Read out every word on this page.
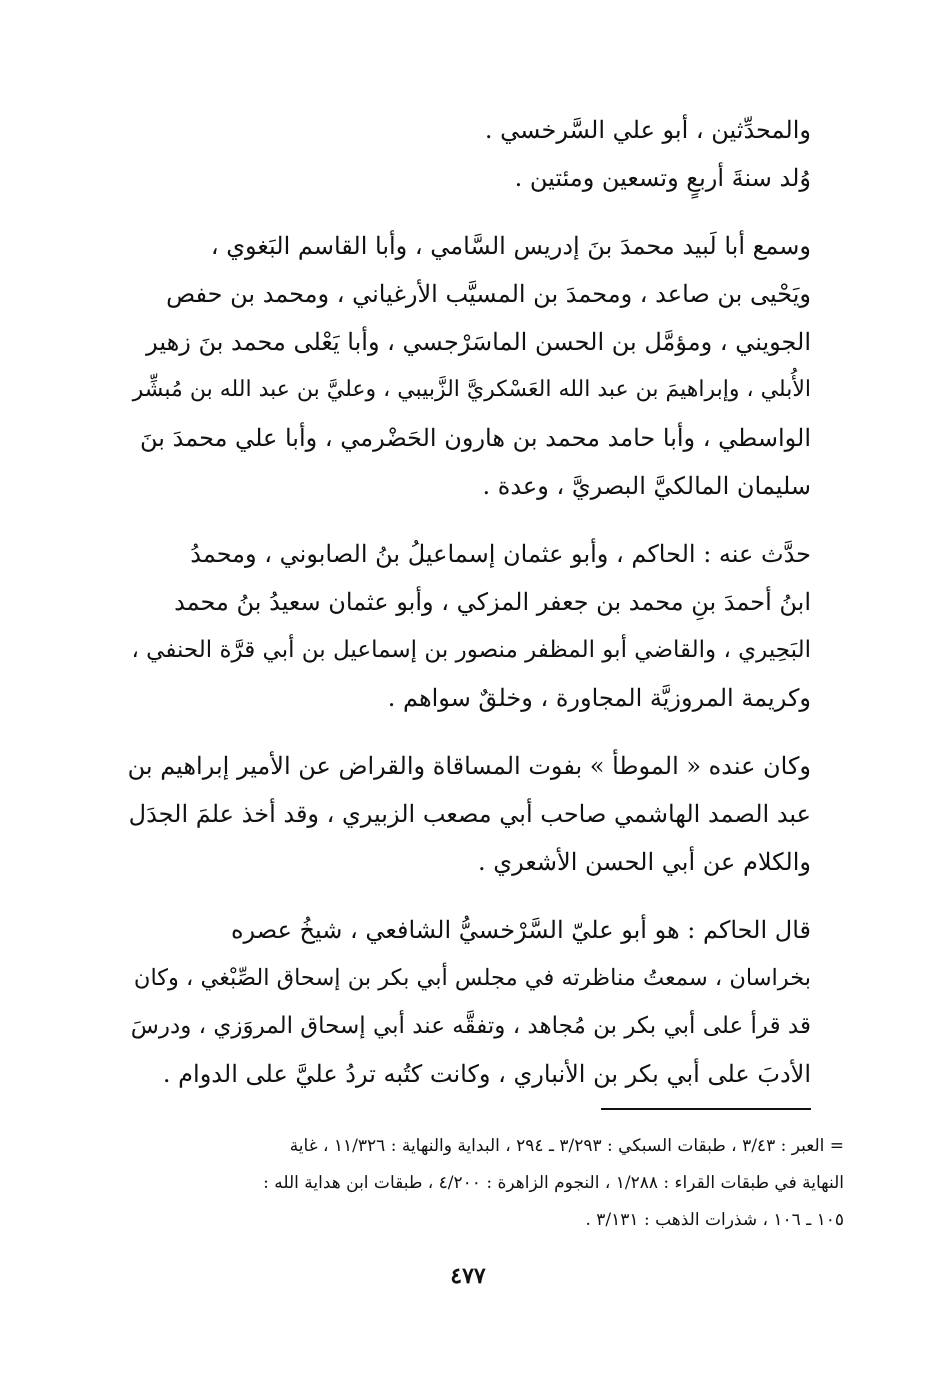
والمحدِّثين ، أبو علي السَّرخسي .
وُلد سنةَ أربعٍ وتسعين ومئتين .
وسمع أبا لَبيد محمدَ بنَ إدريس السَّامي ، وأبا القاسم البَغوي ،
ويَحْيى بن صاعد ، ومحمدَ بن المسيَّب الأرغياني ، ومحمد بن حفص
الجويني ، ومؤمَّل بن الحسن الماسَرْجسي ، وأبا يَعْلى محمد بنَ زهير
الأُبلي ، وإبراهيمَ بن عبد الله العَسْكريَّ الزَّبيبي ، وعليَّ بن عبد الله بن مُبشِّر
الواسطي ، وأبا حامد محمد بن هارون الحَضْرمي ، وأبا علي محمدَ بنَ
سليمان المالكيَّ البصريَّ ، وعدة .
حدَّث عنه : الحاكم ، وأبو عثمان إسماعيلُ بنُ الصابوني ، ومحمدُ
ابنُ أحمدَ بنِ محمد بن جعفر المزكي ، وأبو عثمان سعيدُ بنُ محمد
البَحِيري ، والقاضي أبو المظفر منصور بن إسماعيل بن أبي قرَّة الحنفي ،
وكريمة المروزيَّة المجاورة ، وخلقٌ سواهم .
وكان عنده « الموطأ » بفوت المساقاة والقراض عن الأمير إبراهيم بن
عبد الصمد الهاشمي صاحب أبي مصعب الزبيري ، وقد أخذ علمَ الجدَل
والكلام عن أبي الحسن الأشعري .
قال الحاكم : هو أبو عليّ السَّرْخسيُّ الشافعي ، شيخُ عصره
بخراسان ، سمعتُ مناظرته في مجلس أبي بكر بن إسحاق الصِّبْغي ، وكان
قد قرأ على أبي بكر بن مُجاهد ، وتفقَّه عند أبي إسحاق المروَزي ، ودرسَ
الأدبَ على أبي بكر بن الأنباري ، وكانت كتُبه تردُ عليَّ على الدوام .
= العبر : ٣/٤٣ ، طبقات السبكي : ٣/٢٩٣ ـ ٢٩٤ ، البداية والنهاية : ١١/٣٢٦ ، غاية
النهاية في طبقات القراء : ١/٢٨٨ ، النجوم الزاهرة : ٤/٢٠٠ ، طبقات ابن هداية الله :
١٠٥ ـ ١٠٦ ، شذرات الذهب : ٣/١٣١ .
٤٧٧
